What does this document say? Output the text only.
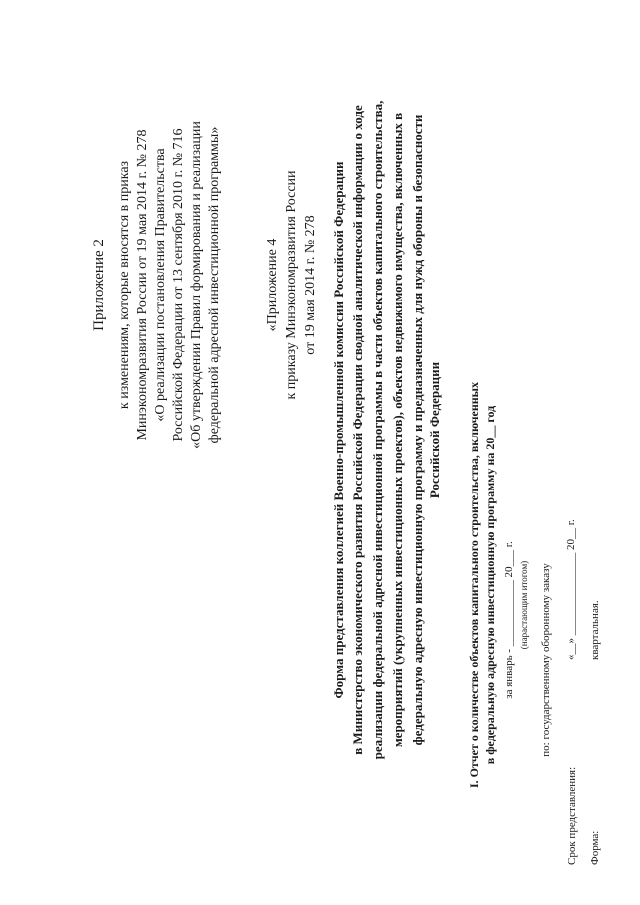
Приложение 2 к изменениям, которые вносятся в приказ Минэкономразвития России от 19 мая 2014 г. № 278 «О реализации постановления Правительства Российской Федерации от 13 сентября 2010 г. № 716 «Об утверждении Правил формирования и реализации федеральной адресной инвестиционной программы»	«Приложение 4 к приказу Минэкономразвития России от 19 мая 2014 г. № 278 Форма представления коллегией Военно-промышленной комиссии Российской Федерации в Министерство экономического развития Российской Федерации сводной аналитической информации о ходе реализации федеральной адресной инвестиционной программы в части объектов капитального строительства, мероприятий (укрупненных инвестиционных проектов), объектов недвижимого имущества, включенных в федеральную адресную инвестиционную программу и предназначенных для нужд обороны и безопасности Российской Федерации I. Отчет о количестве объектов капитального строительства, включенных в федеральную адресную инвестиционную программу на 20__ год за январь - ____________ 20___ г. (нарастающим итогом) по: государственному оборонному заказу
Срок представления:
«__» _______________ 20__ г.
Форма:
квартальная.
